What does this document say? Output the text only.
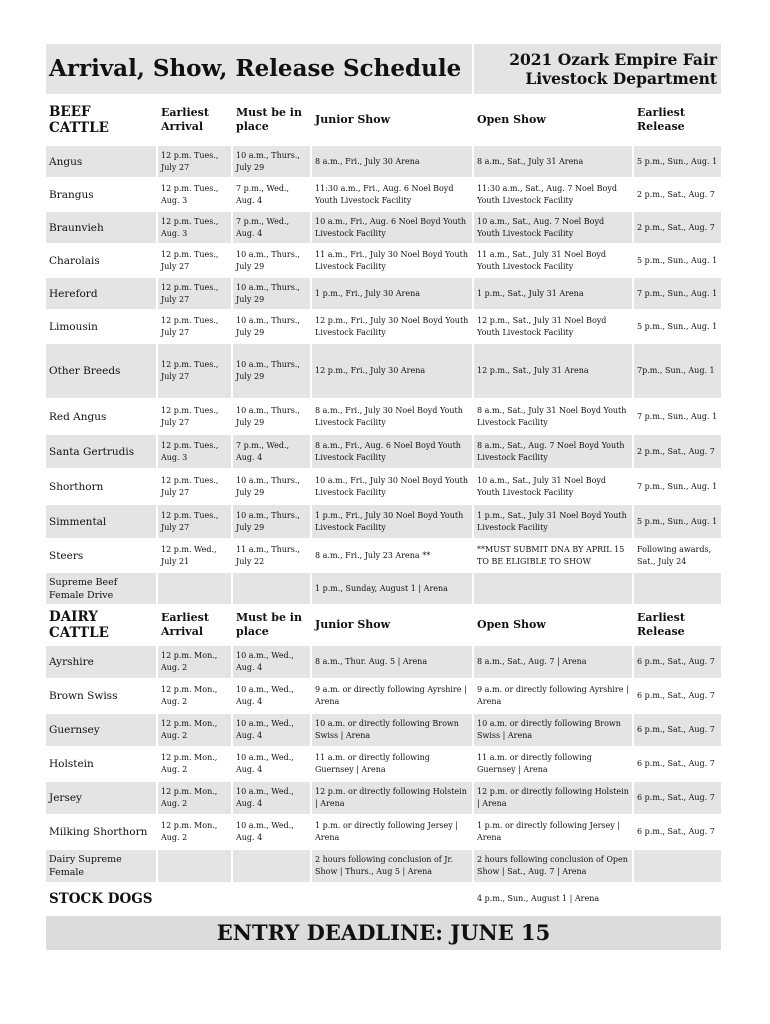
Arrival, Show, Release Schedule				2021 Ozark Empire Fair
Livestock Department	

BEEF CATTLE	Earliest Arrival	Must be in place	Junior Show	Open Show	Earliest Release
Angus	12 p.m. Tues., July 27	10 a.m., Thurs., July 29	8 a.m., Fri., July 30 Arena	8 a.m., Sat., July 31 Arena	5 p.m., Sun., Aug. 1
Brangus	12 p.m. Tues., Aug. 3	7 p.m., Wed., Aug. 4	11:30 a.m., Fri., Aug. 6 Noel Boyd Youth Livestock Facility	11:30 a.m., Sat., Aug. 7 Noel Boyd Youth Livestock Facility	2 p.m., Sat., Aug. 7
Braunvieh	12 p.m. Tues., Aug. 3	7 p.m., Wed., Aug. 4	10 a.m., Fri., Aug. 6 Noel Boyd Youth Livestock Facility	10 a.m., Sat., Aug. 7 Noel Boyd Youth Livestock Facility	2 p.m., Sat., Aug. 7
Charolais	12 p.m. Tues., July 27	10 a.m., Thurs., July 29	11 a.m., Fri., July 30 Noel Boyd Youth Livestock Facility	11 a.m., Sat., July 31 Noel Boyd Youth Livestock Facility	5 p.m., Sun., Aug. 1
Hereford	12 p.m. Tues., July 27	10 a.m., Thurs., July 29	1 p.m., Fri., July 30 Arena	1 p.m., Sat., July 31 Arena	7 p.m., Sun., Aug. 1
Limousin	12 p.m. Tues., July 27	10 a.m., Thurs., July 29	12 p.m., Fri., July 30 Noel Boyd Youth Livestock Facility	12 p.m., Sat., July 31 Noel Boyd Youth Livestock Facility	5 p.m., Sun., Aug. 1
Other Breeds	12 p.m. Tues., July 27	10 a.m., Thurs., July 29	12 p.m., Fri., July 30 Arena	12 p.m., Sat., July 31 Arena	7p.m., Sun., Aug. 1
Red Angus	12 p.m. Tues., July 27	10 a.m., Thurs., July 29	8 a.m., Fri., July 30 Noel Boyd Youth Livestock Facility	8 a.m., Sat., July 31 Noel Boyd Youth Livestock Facility	7 p.m., Sun., Aug. 1
Santa Gertrudis	12 p.m. Tues., Aug. 3	7 p.m., Wed., Aug. 4	8 a.m., Fri., Aug. 6 Noel Boyd Youth Livestock Facility	8 a.m., Sat., Aug. 7 Noel Boyd Youth Livestock Facility	2 p.m., Sat., Aug. 7
Shorthorn	12 p.m. Tues., July 27	10 a.m., Thurs., July 29	10 a.m., Fri., July 30 Noel Boyd Youth Livestock Facility	10 a.m., Sat., July 31 Noel Boyd Youth Livestock Facility	7 p.m., Sun., Aug. 1
Simmental	12 p.m. Tues., July 27	10 a.m., Thurs., July 29	1 p.m., Fri., July 30 Noel Boyd Youth Livestock Facility	1 p.m., Sat., July 31 Noel Boyd Youth Livestock Facility	5 p.m., Sun., Aug. 1
Steers	12 p.m. Wed., July 21	11 a.m., Thurs., July 22	8 a.m., Fri., July 23 Arena **	**MUST SUBMIT DNA BY APRIL 15 TO BE ELIGIBLE TO SHOW	Following awards, Sat., July 24
Supreme Beef Female Drive			1 p.m., Sunday, August 1 | Arena		
DAIRY CATTLE	Earliest Arrival	Must be in place	Junior Show	Open Show	Earliest Release
Ayrshire	12 p.m. Mon., Aug. 2	10 a.m., Wed., Aug. 4	8 a.m., Thur. Aug. 5 | Arena	8 a.m., Sat., Aug. 7 | Arena	6 p.m., Sat., Aug. 7
Brown Swiss	12 p.m. Mon., Aug. 2	10 a.m., Wed., Aug. 4	9 a.m. or directly following Ayrshire | Arena	9 a.m. or directly following Ayrshire | Arena	6 p.m., Sat., Aug. 7
Guernsey	12 p.m. Mon., Aug. 2	10 a.m., Wed., Aug. 4	10 a.m. or directly following Brown Swiss | Arena	10 a.m. or directly following Brown Swiss | Arena	6 p.m., Sat., Aug. 7
Holstein	12 p.m. Mon., Aug. 2	10 a.m., Wed., Aug. 4	11 a.m. or directly following Guernsey | Arena	11 a.m. or directly following Guernsey | Arena	6 p.m., Sat., Aug. 7
Jersey	12 p.m. Mon., Aug. 2	10 a.m., Wed., Aug. 4	12 p.m. or directly following Holstein | Arena	12 p.m. or directly following Holstein | Arena	6 p.m., Sat., Aug. 7
Milking Shorthorn	12 p.m. Mon., Aug. 2	10 a.m., Wed., Aug. 4	1 p.m. or directly following Jersey | Arena	1 p.m. or directly following Jersey | Arena	6 p.m., Sat., Aug. 7
Dairy Supreme Female			2 hours following conclusion of Jr. Show | Thurs., Aug 5 | Arena	2 hours following conclusion of Open Show | Sat., Aug. 7 | Arena	
STOCK DOGS				4 p.m., Sun., August 1 | Arena	
ENTRY DEADLINE: JUNE 15					
